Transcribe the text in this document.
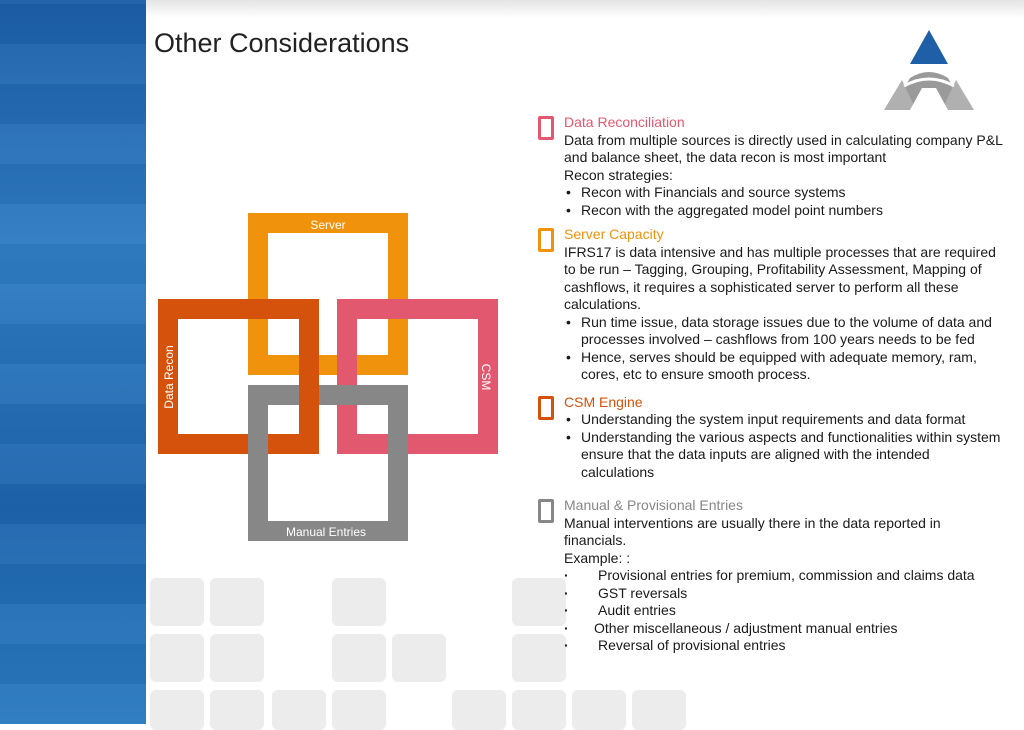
Other Considerations
Server
Manual Entries
Data Recon	CSM
Data Reconciliation
Data from multiple sources is directly used in calculating company P&L and balance sheet, the data recon is most important
Recon strategies:
• Recon with Financials and source systems
• Recon with the aggregated model point numbers
Server Capacity
IFRS17 is data intensive and has multiple processes that are required to be run – Tagging, Grouping, Profitability Assessment, Mapping of cashflows, it requires a sophisticated server to perform all these calculations.
• Run time issue, data storage issues due to the volume of data and processes involved – cashflows from 100 years needs to be fed
• Hence, serves should be equipped with adequate memory, ram, cores, etc to ensure smooth process.
CSM Engine
• Understanding the system input requirements and data format
• Understanding the various aspects and functionalities within system ensure that the data inputs are aligned with the intended calculations
Manual & Provisional Entries
Manual interventions are usually there in the data reported in financials.
Example: :
· Provisional entries for premium, commission and claims data
· GST reversals
· Audit entries
· Other miscellaneous / adjustment manual entries
· Reversal of provisional entries
